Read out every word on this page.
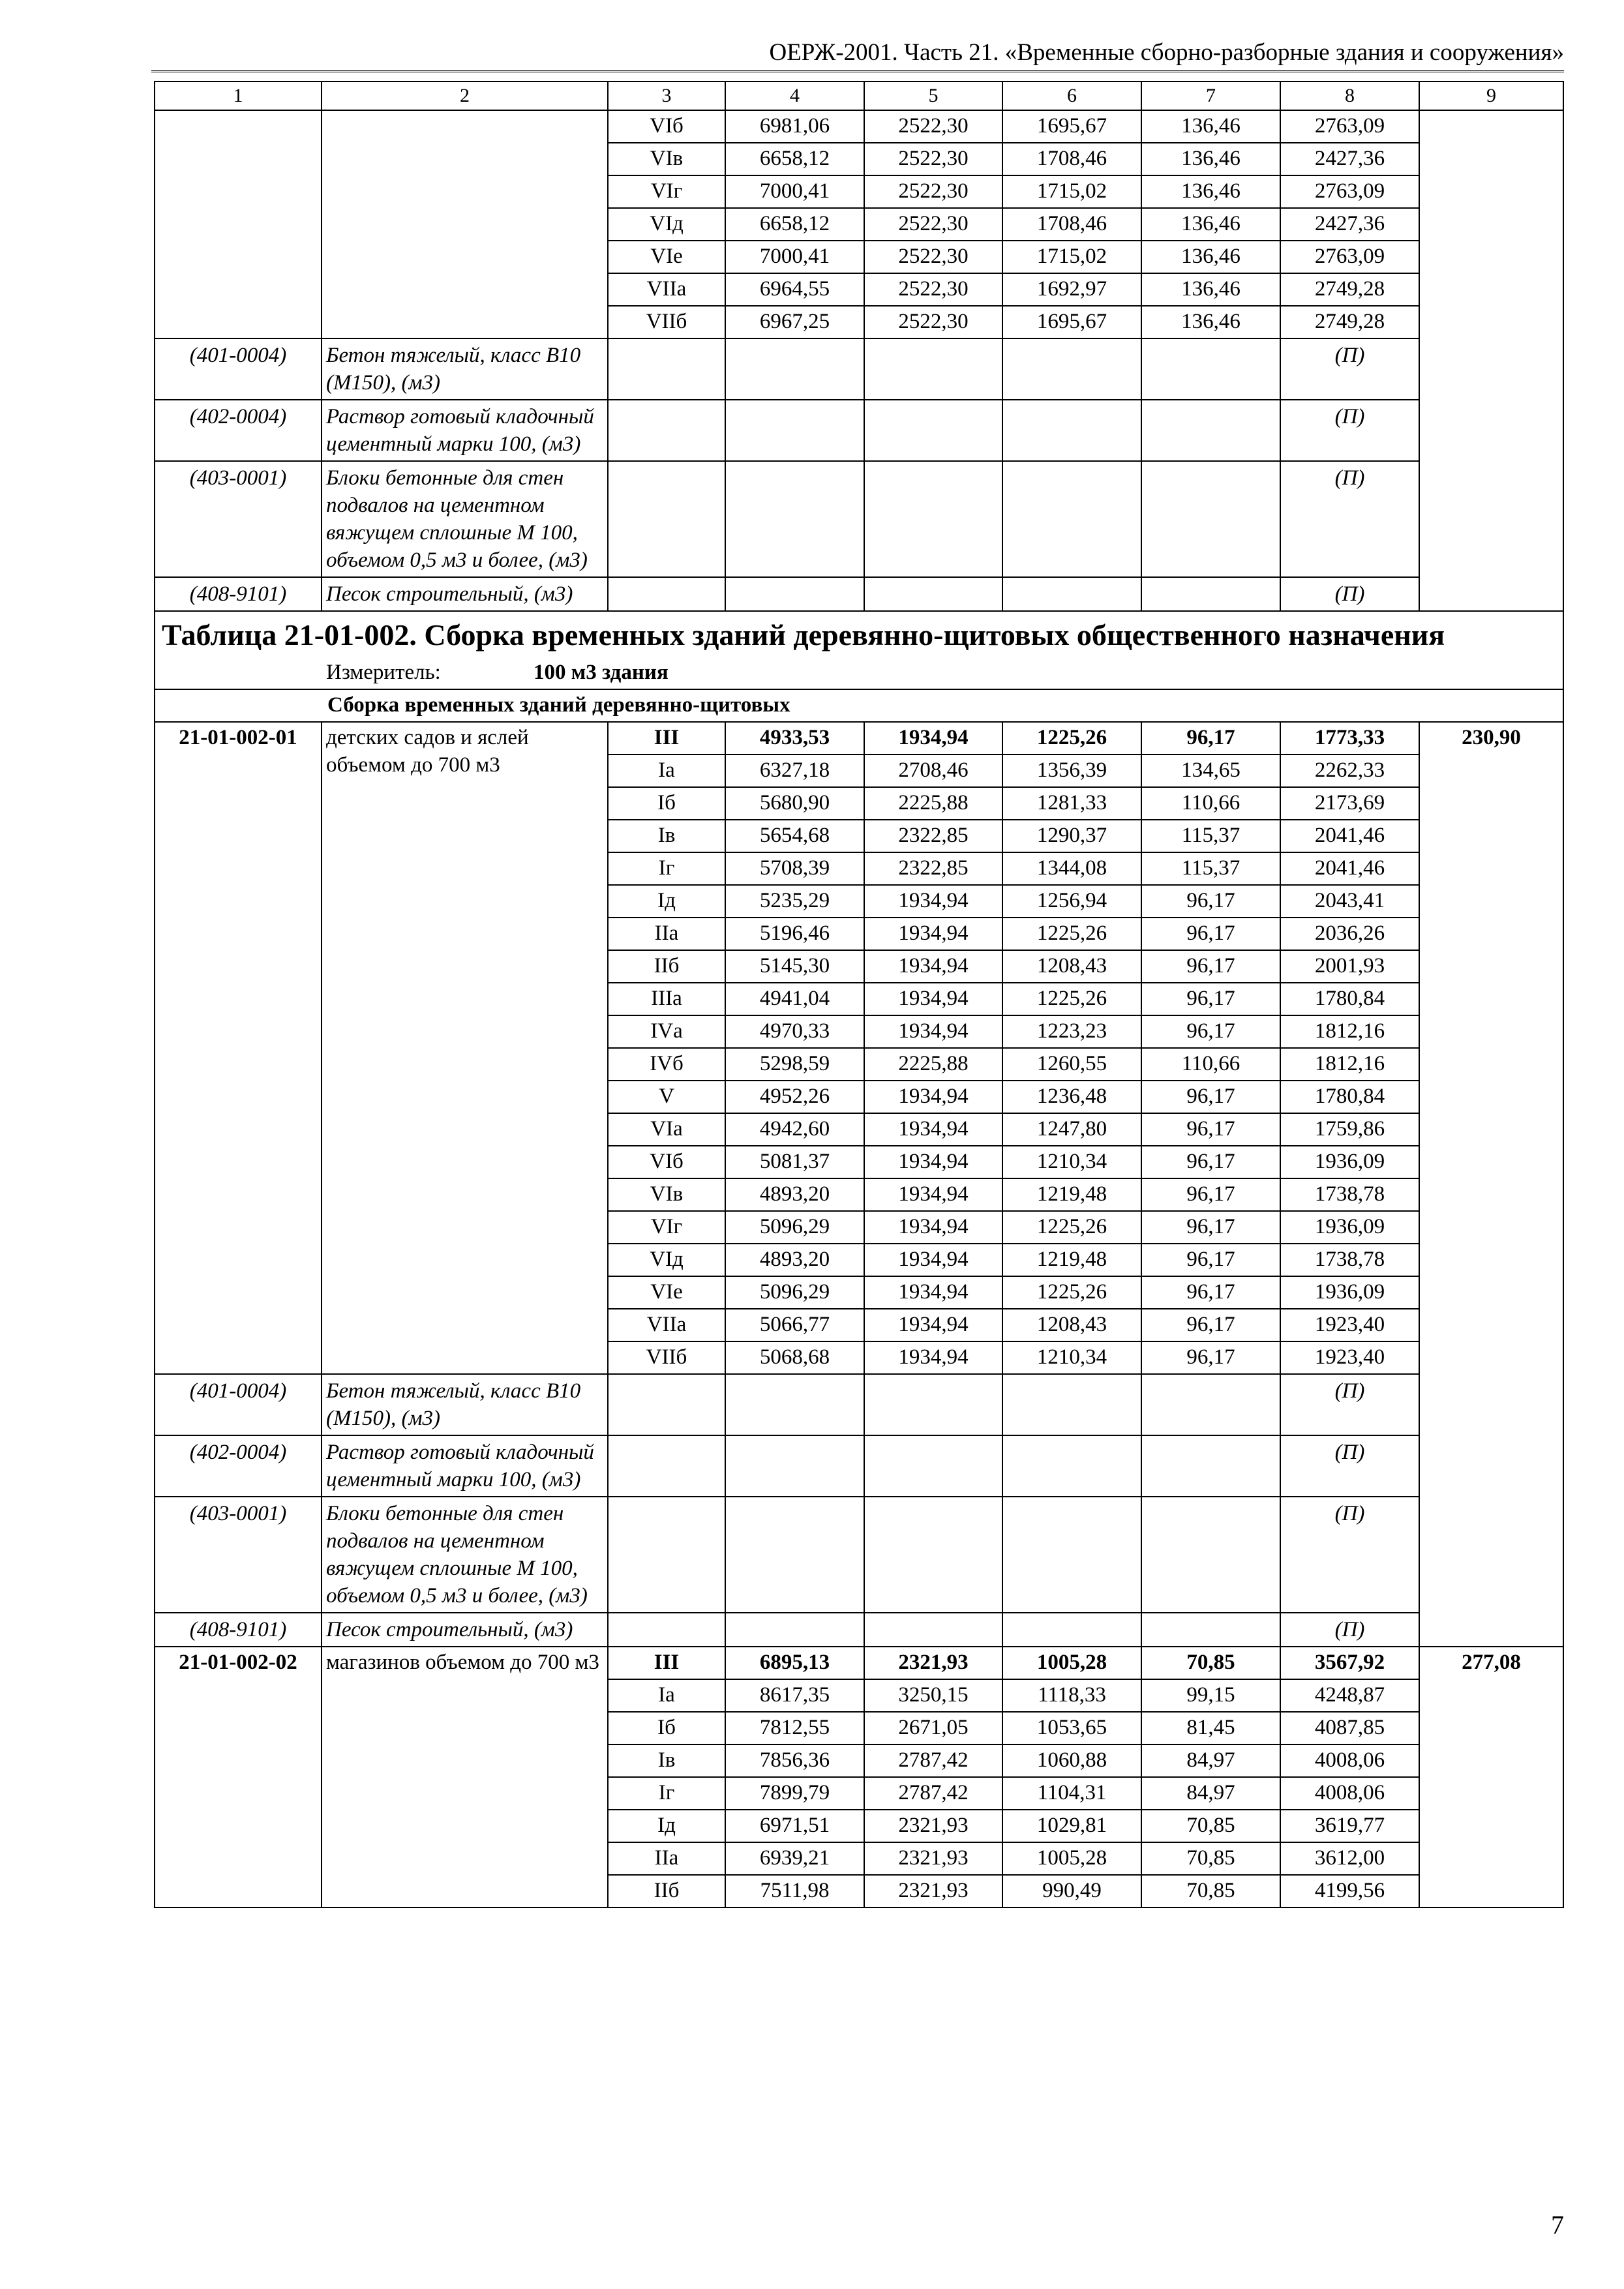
ОЕРЖ-2001. Часть 21. «Временные сборно-разборные здания и сооружения»
1	2	3	4	5	6	7	8	9
		VIб	6981,06	2522,30	1695,67	136,46	2763,09	
		VIв	6658,12	2522,30	1708,46	136,46	2427,36	
		VIг	7000,41	2522,30	1715,02	136,46	2763,09	
		VIд	6658,12	2522,30	1708,46	136,46	2427,36	
		VIе	7000,41	2522,30	1715,02	136,46	2763,09	
		VIIа	6964,55	2522,30	1692,97	136,46	2749,28	
		VIIб	6967,25	2522,30	1695,67	136,46	2749,28	
(401-0004)	Бетон тяжелый, класс В10 (М150), (м3)						(П)	
(402-0004)	Раствор готовый кладочный цементный марки 100, (м3)						(П)	
(403-0001)	Блоки бетонные для стен подвалов на цементном вяжущем сплошные М 100, объемом 0,5 м3 и более, (м3)						(П)	
(408-9101)	Песок строительный, (м3)						(П)	

Таблица 21-01-002. Сборка временных зданий деревянно-щитовых общественного назначения								

Измеритель: 100 м3 здания								
Сборка временных зданий деревянно-щитовых								
21-01-002-01	детских садов и яслей объемом до 700 м3	III	4933,53	1934,94	1225,26	96,17	1773,33	230,90
		Iа	6327,18	2708,46	1356,39	134,65	2262,33	
		Iб	5680,90	2225,88	1281,33	110,66	2173,69	
		Iв	5654,68	2322,85	1290,37	115,37	2041,46	
		Iг	5708,39	2322,85	1344,08	115,37	2041,46	
		Iд	5235,29	1934,94	1256,94	96,17	2043,41	
		IIа	5196,46	1934,94	1225,26	96,17	2036,26	
		IIб	5145,30	1934,94	1208,43	96,17	2001,93	
		IIIа	4941,04	1934,94	1225,26	96,17	1780,84	
		IVа	4970,33	1934,94	1223,23	96,17	1812,16	
		IVб	5298,59	2225,88	1260,55	110,66	1812,16	
		V	4952,26	1934,94	1236,48	96,17	1780,84	
		VIа	4942,60	1934,94	1247,80	96,17	1759,86	
		VIб	5081,37	1934,94	1210,34	96,17	1936,09	
		VIв	4893,20	1934,94	1219,48	96,17	1738,78	
		VIг	5096,29	1934,94	1225,26	96,17	1936,09	
		VIд	4893,20	1934,94	1219,48	96,17	1738,78	
		VIе	5096,29	1934,94	1225,26	96,17	1936,09	
		VIIа	5066,77	1934,94	1208,43	96,17	1923,40	
		VIIб	5068,68	1934,94	1210,34	96,17	1923,40	
(401-0004)	Бетон тяжелый, класс В10 (М150), (м3)						(П)	
(402-0004)	Раствор готовый кладочный цементный марки 100, (м3)						(П)	
(403-0001)	Блоки бетонные для стен подвалов на цементном вяжущем сплошные М 100, объемом 0,5 м3 и более, (м3)						(П)	
(408-9101)	Песок строительный, (м3)						(П)	
21-01-002-02	магазинов объемом до 700 м3	III	6895,13	2321,93	1005,28	70,85	3567,92	277,08
		Iа	8617,35	3250,15	1118,33	99,15	4248,87	
		Iб	7812,55	2671,05	1053,65	81,45	4087,85	
		Iв	7856,36	2787,42	1060,88	84,97	4008,06	
		Iг	7899,79	2787,42	1104,31	84,97	4008,06	
		Iд	6971,51	2321,93	1029,81	70,85	3619,77	
		IIа	6939,21	2321,93	1005,28	70,85	3612,00	
		IIб	7511,98	2321,93	990,49	70,85	4199,56	
7
